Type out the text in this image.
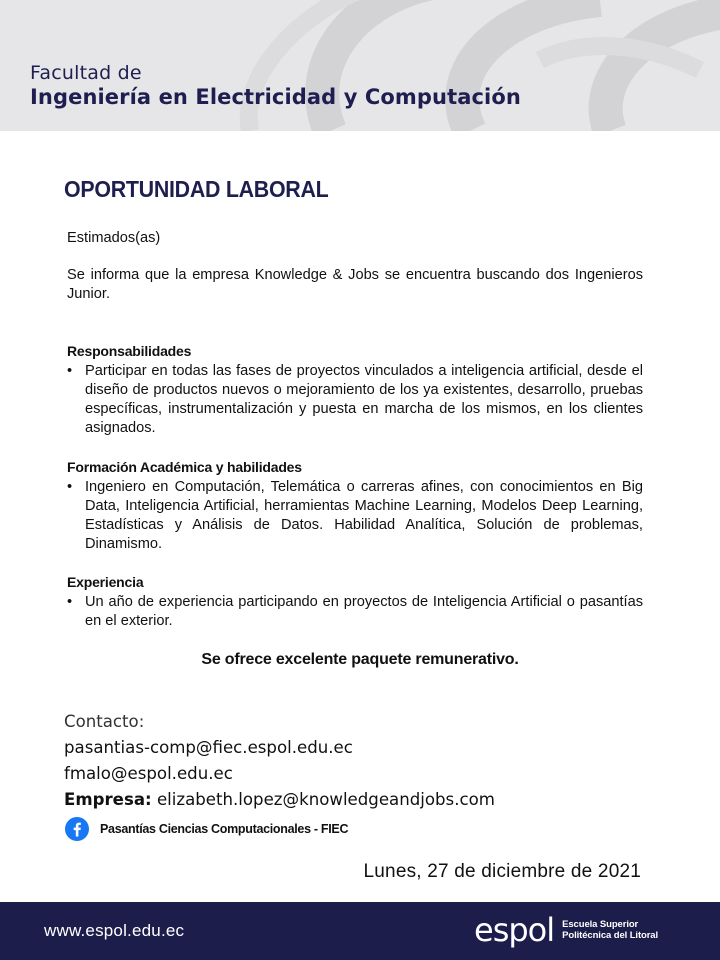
Facultad de
Ingeniería en Electricidad y Computación
OPORTUNIDAD LABORAL
Estimados(as)
Se informa que la empresa Knowledge & Jobs se encuentra buscando dos Ingenieros Junior.
Responsabilidades
• Participar en todas las fases de proyectos vinculados a inteligencia artificial, desde el diseño de productos nuevos o mejoramiento de los ya existentes, desarrollo, pruebas específicas, instrumentalización y puesta en marcha de los mismos, en los clientes asignados.
Formación Académica y habilidades
• Ingeniero en Computación, Telemática o carreras afines, con conocimientos en Big Data, Inteligencia Artificial, herramientas Machine Learning, Modelos Deep Learning, Estadísticas y Análisis de Datos. Habilidad Analítica, Solución de problemas, Dinamismo.
Experiencia
• Un año de experiencia participando en proyectos de Inteligencia Artificial o pasantías en el exterior.
Se ofrece excelente paquete remunerativo.
Contacto:
pasantias-comp@fiec.espol.edu.ec
fmalo@espol.edu.ec
Empresa: elizabeth.lopez@knowledgeandjobs.com
Pasantías Ciencias Computacionales - FIEC
Lunes, 27 de diciembre de 2021
www.espol.edu.ec	espol Escuela Superior
Politécnica del Litoral
